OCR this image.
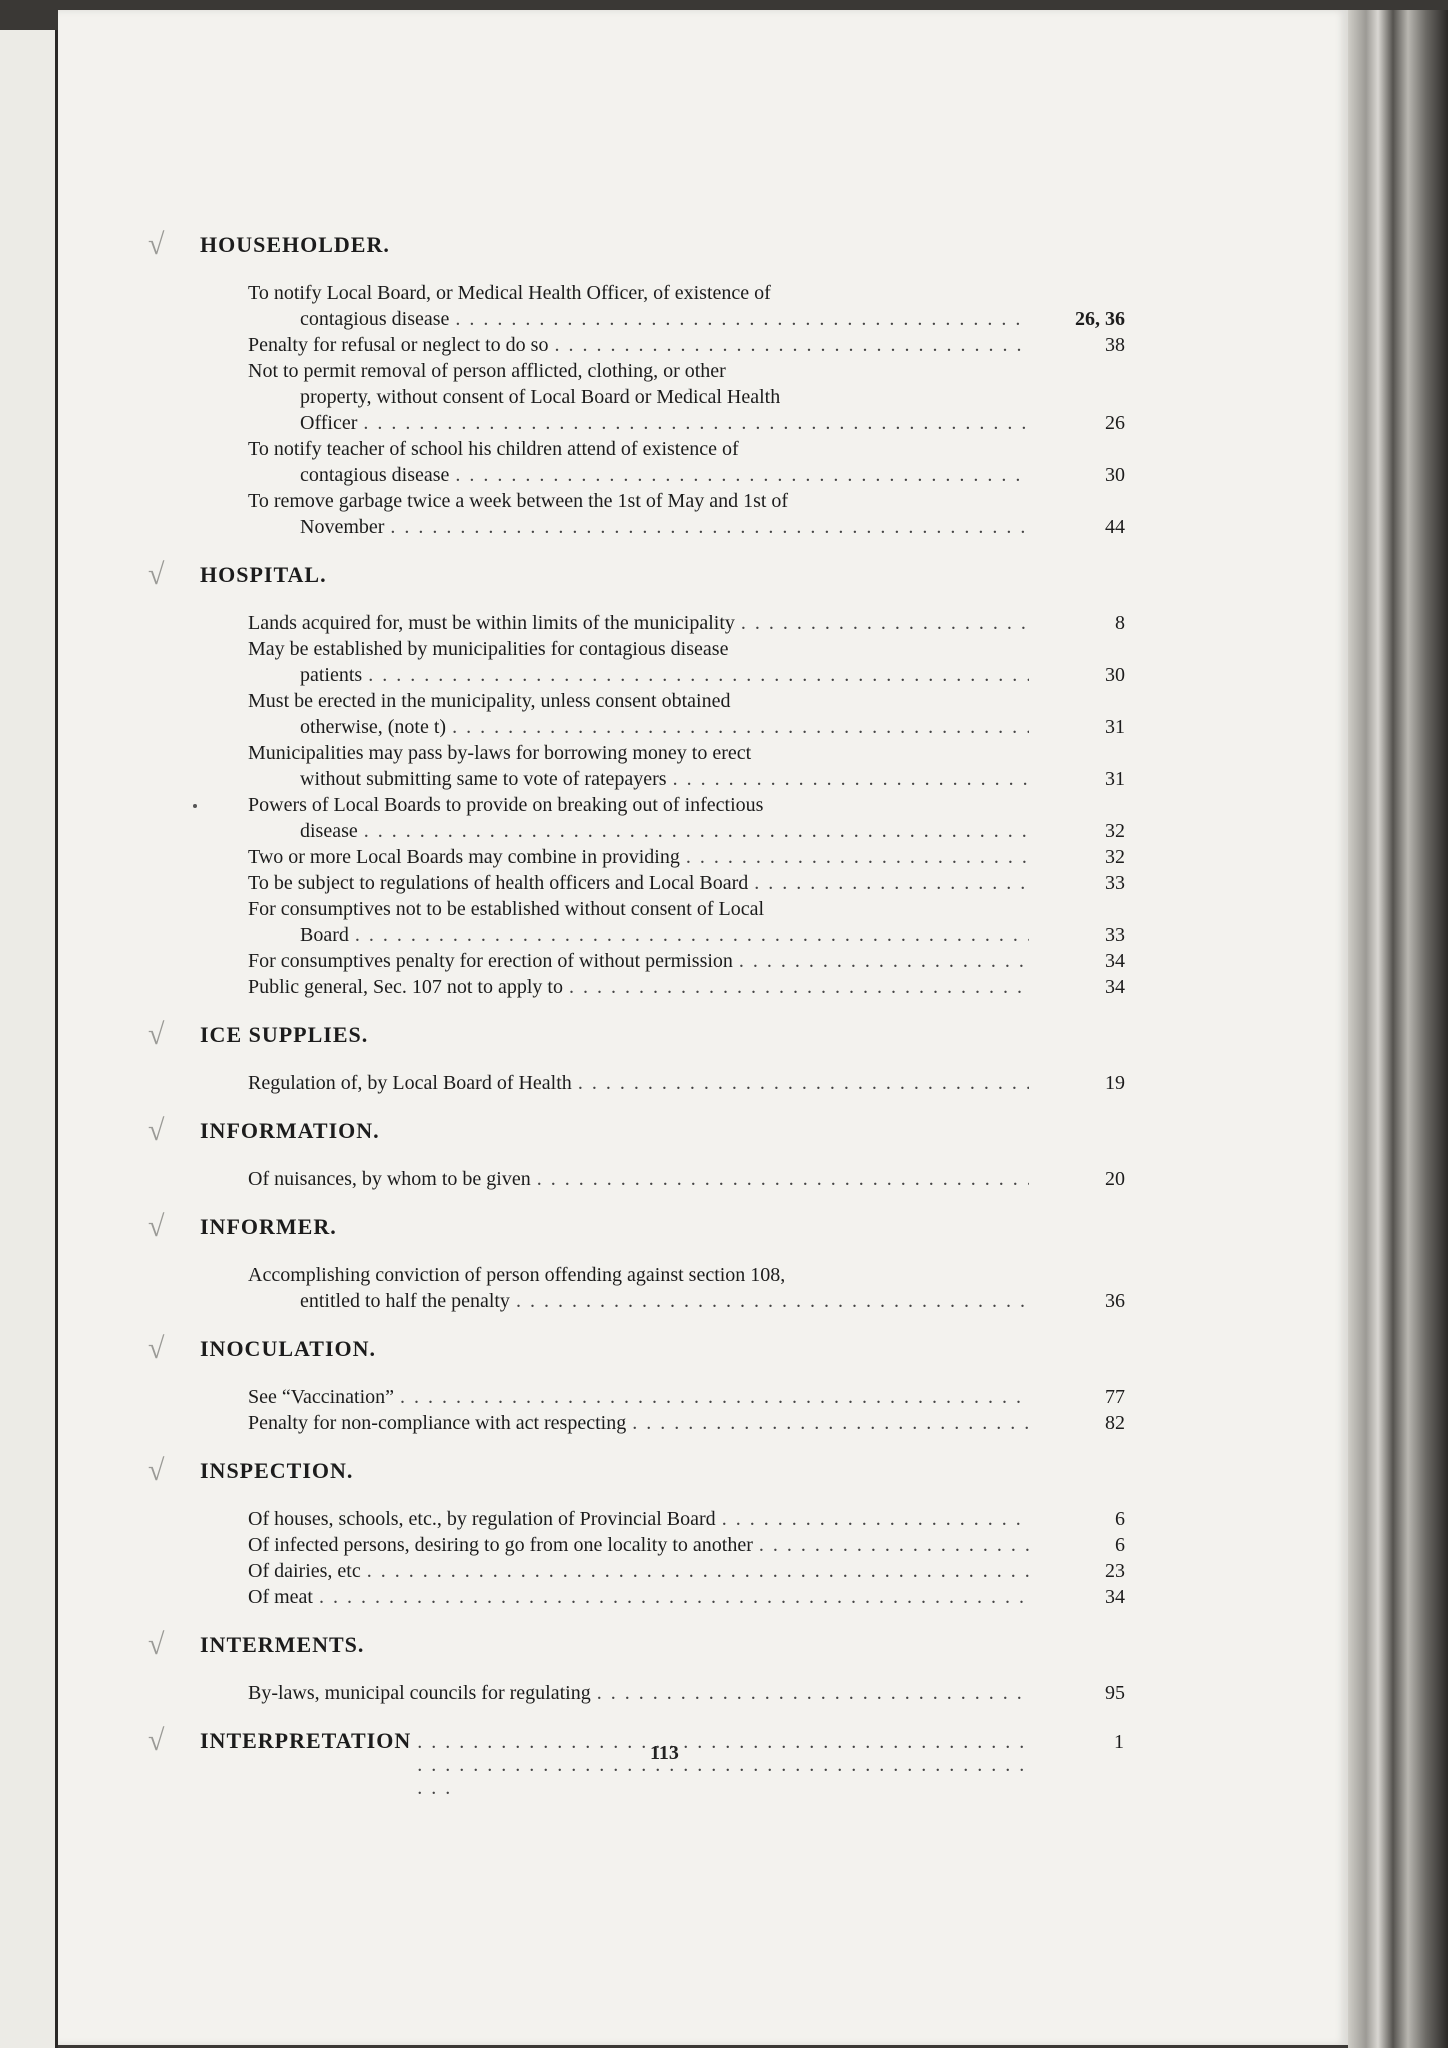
√ HOUSEHOLDER.
To notify Local Board, or Medical Health Officer, of existence of
contagious disease . . .	26, 36
Penalty for refusal or neglect to do so . . .	38
Not to permit removal of person afflicted, clothing, or other
property, without consent of Local Board or Medical Health
Officer . . .	26
To notify teacher of school his children attend of existence of
contagious disease . . .	30
To remove garbage twice a week between the 1st of May and 1st of
November . . .	44
√ HOSPITAL.
Lands acquired for, must be within limits of the municipality . . .	8
May be established by municipalities for contagious disease
patients . . .	30
Must be erected in the municipality, unless consent obtained
otherwise, (note t) . . .	31
Municipalities may pass by-laws for borrowing money to erect
without submitting same to vote of ratepayers . . .	31
Powers of Local Boards to provide on breaking out of infectious
disease . . .	32
Two or more Local Boards may combine in providing . . .	32
To be subject to regulations of health officers and Local Board . . .	33
For consumptives not to be established without consent of Local
Board . . .	33
For consumptives penalty for erection of without permission . . .	34
Public general, Sec. 107 not to apply to . . .	34
√ ICE SUPPLIES.
Regulation of, by Local Board of Health . . .	19
√ INFORMATION.
Of nuisances, by whom to be given . . .	20
√ INFORMER.
Accomplishing conviction of person offending against section 108,
entitled to half the penalty . . .	36
√ INOCULATION.
See “Vaccination” . . .	77
Penalty for non-compliance with act respecting . . .	82
√ INSPECTION.
Of houses, schools, etc., by regulation of Provincial Board . . .	6
Of infected persons, desiring to go from one locality to another . . .	6
Of dairies, etc . . .	23
Of meat . . .	34
√ INTERMENTS.
By-laws, municipal councils for regulating . . .	95
√ INTERPRETATION . . .	1
113
